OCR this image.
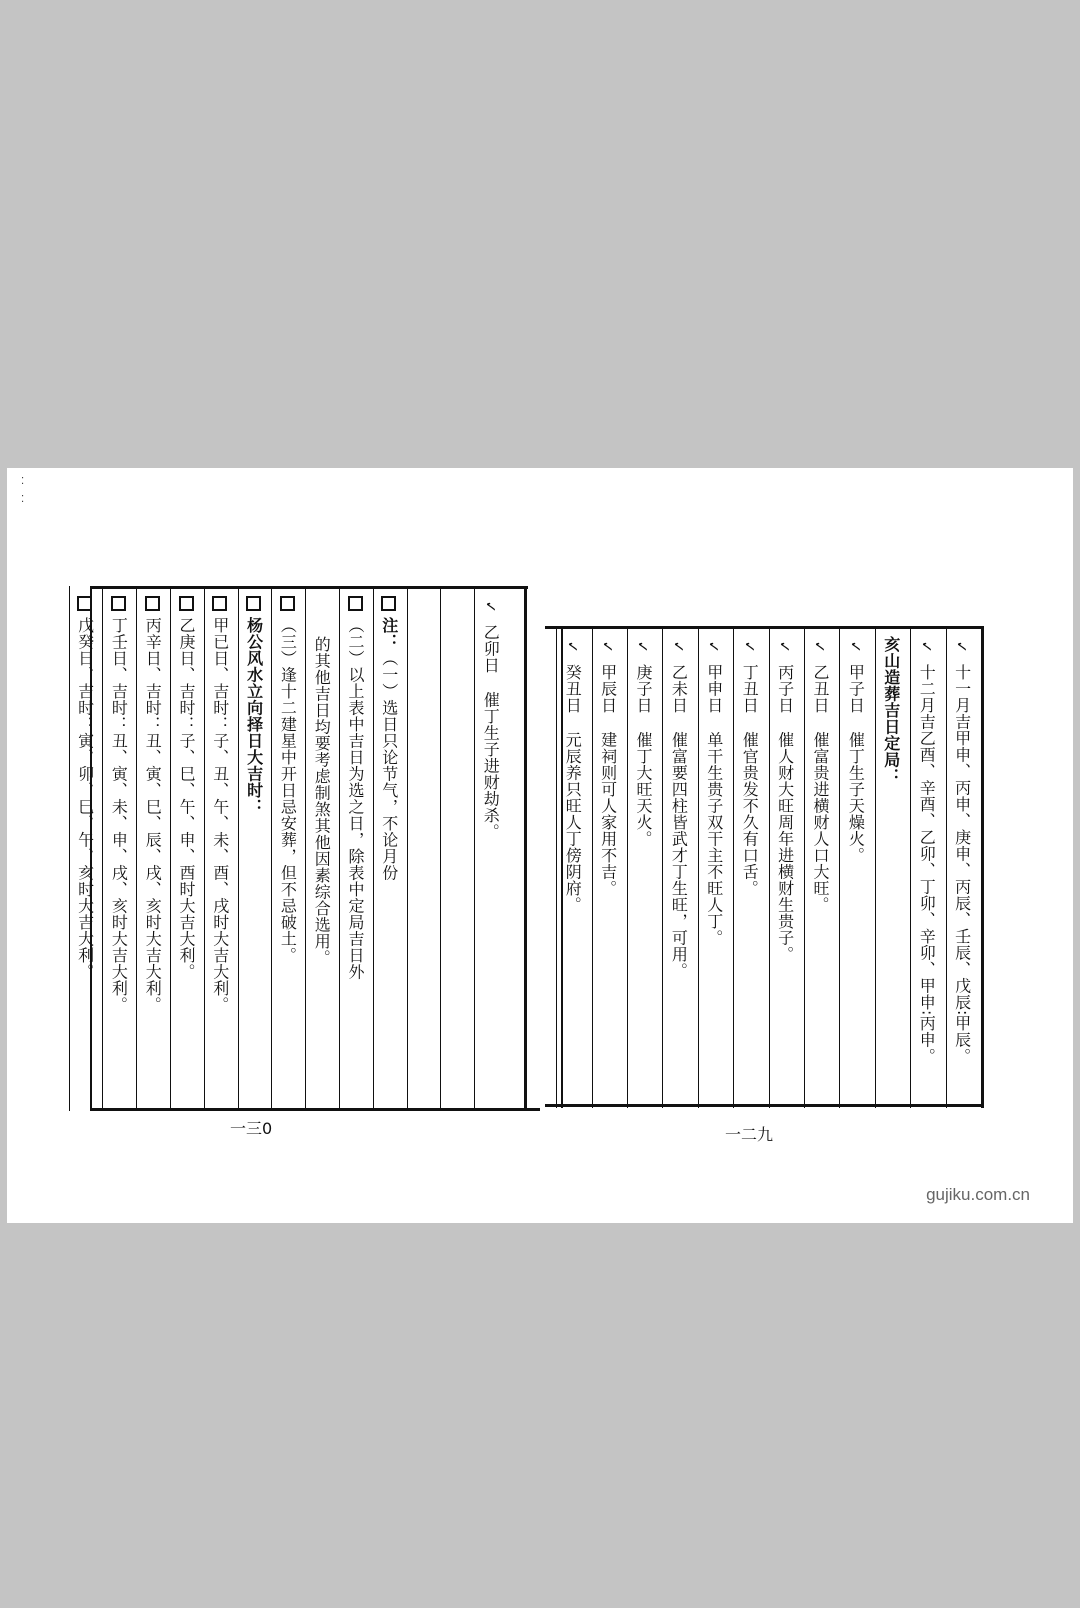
⁚
⁚
✓乙卯日催丁生子进财劫杀。
注：（一）选日只论节气，不论月份
（二）以上表中吉日为选之日，除表中定局吉日外
的其他吉日均要考虑制煞其他因素综合选用。
（三）逢十二建星中开日忌安葬，但不忌破土。
杨公风水立向择日大吉时：
甲已日、吉时：子、丑、午、未、酉、戌时大吉大利。
乙庚日、吉时：子、巳、午、申、酉时大吉大利。
丙辛日、吉时：丑、寅、巳、辰、戌、亥时大吉大利。
丁壬日、吉时：丑、寅、未、申、戌、亥时大吉大利。
戊癸日、吉时：寅、卯、巳、午、亥时大吉大利。
一三0
✓十一月吉甲申、丙申、庚申、丙辰、壬辰、戊辰∶甲辰。
✓十二月吉乙酉、辛酉、乙卯、丁卯、辛卯、甲申∶丙申。
亥山造葬吉日定局：
✓甲子日催丁生子天燥火。
✓乙丑日催富贵进横财人口大旺。
✓丙子日催人财大旺周年进横财生贵子。
✓丁丑日催官贵发不久有口舌。
✓甲申日单干生贵子双干主不旺人丁。
✓乙未日催富要四柱皆武才丁生旺，可用。
✓庚子日催丁大旺天火。
✓甲辰日建祠则可人家用不吉。
✓癸丑日元辰养只旺人丁傍阴府。
一二九
gujiku.com.cn
